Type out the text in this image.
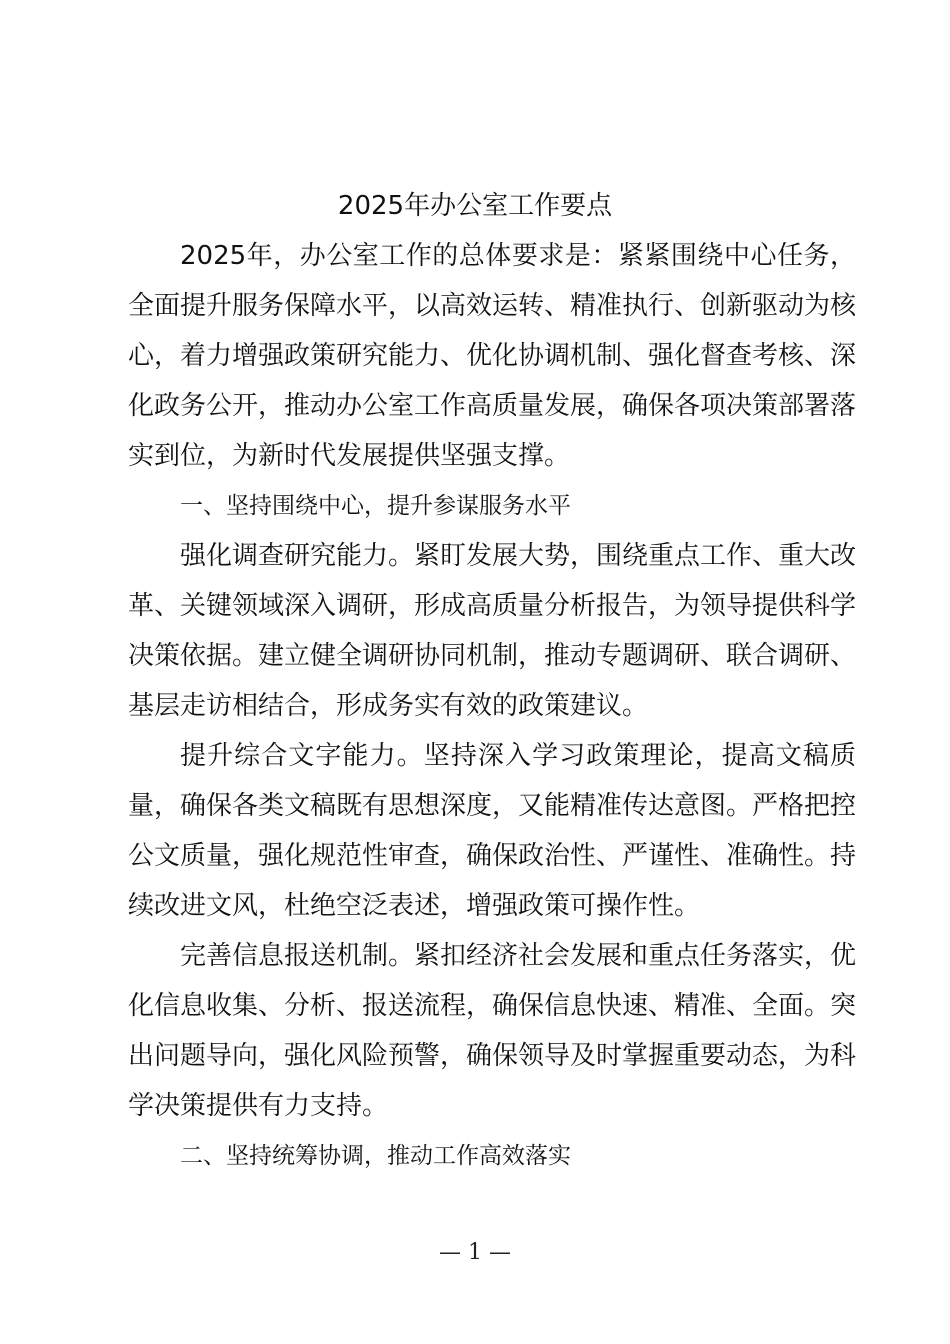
2025年办公室工作要点

2025年，办公室工作的总体要求是：紧紧围绕中心任务，全面提升服务保障水平，以高效运转、精准执行、创新驱动为核心，着力增强政策研究能力、优化协调机制、强化督查考核、深化政务公开，推动办公室工作高质量发展，确保各项决策部署落实到位，为新时代发展提供坚强支撑。

一、坚持围绕中心，提升参谋服务水平

强化调查研究能力。紧盯发展大势，围绕重点工作、重大改革、关键领域深入调研，形成高质量分析报告，为领导提供科学决策依据。建立健全调研协同机制，推动专题调研、联合调研、基层走访相结合，形成务实有效的政策建议。

提升综合文字能力。坚持深入学习政策理论，提高文稿质量，确保各类文稿既有思想深度，又能精准传达意图。严格把控公文质量，强化规范性审查，确保政治性、严谨性、准确性。持续改进文风，杜绝空泛表述，增强政策可操作性。

完善信息报送机制。紧扣经济社会发展和重点任务落实，优化信息收集、分析、报送流程，确保信息快速、精准、全面。突出问题导向，强化风险预警，确保领导及时掌握重要动态，为科学决策提供有力支持。

二、坚持统筹协调，推动工作高效落实

— 1 —
